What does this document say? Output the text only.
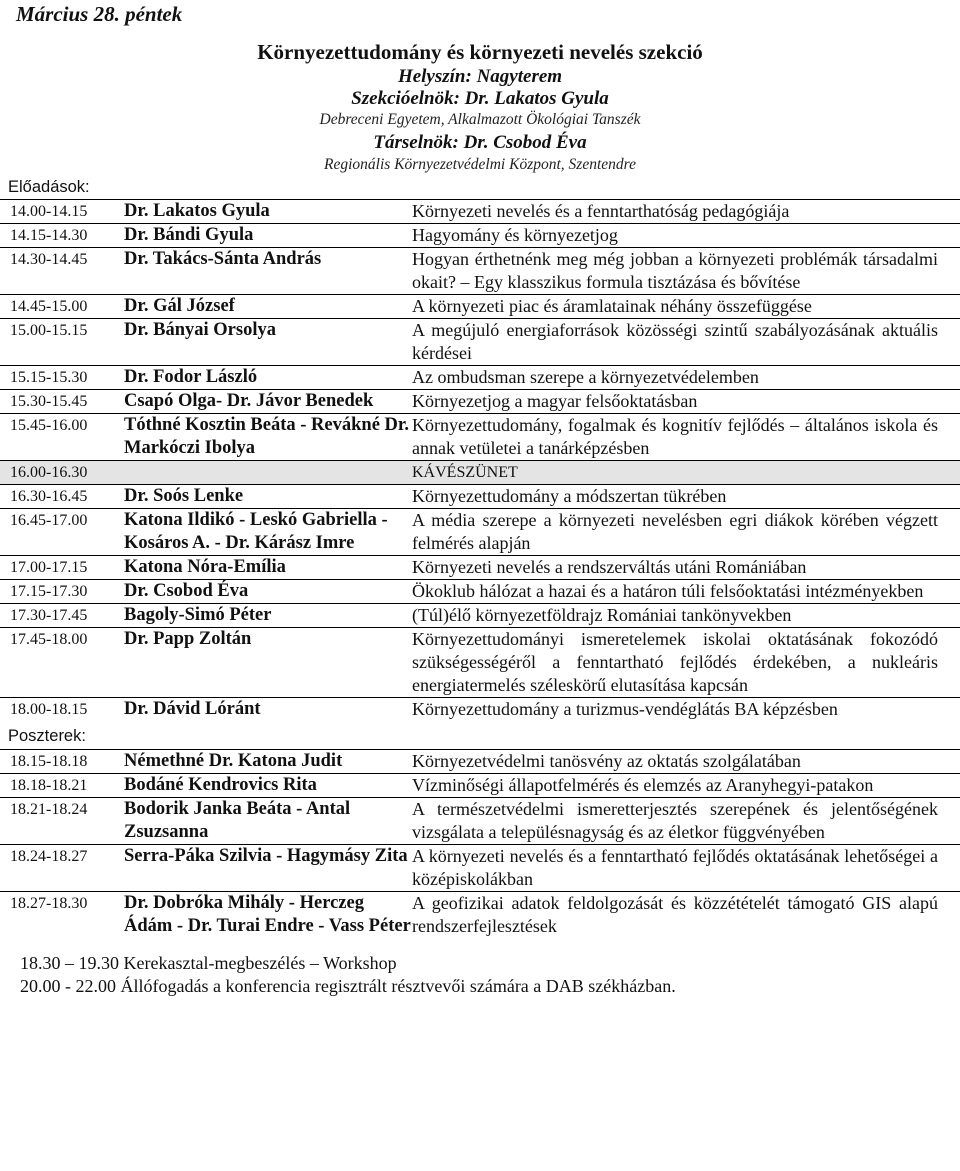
Március 28. péntek
Környezettudomány és környezeti nevelés szekció
Helyszín: Nagyterem
Szekcióelnök: Dr. Lakatos Gyula
Debreceni Egyetem, Alkalmazott Ökológiai Tanszék
Társelnök: Dr. Csobod Éva
Regionális Környezetvédelmi Központ, Szentendre
Előadások:
14.00-14.15	Dr. Lakatos Gyula	Környezeti nevelés és a fenntarthatóság pedagógiája
14.15-14.30	Dr. Bándi Gyula	Hagyomány és környezetjog
14.30-14.45	Dr. Takács-Sánta András	Hogyan érthetnénk meg még jobban a környezeti problémák társadalmi okait? – Egy klasszikus formula tisztázása és bővítése
14.45-15.00	Dr. Gál József	A környezeti piac és áramlatainak néhány összefüggése
15.00-15.15	Dr. Bányai Orsolya	A megújuló energiaforrások közösségi szintű szabályozásának aktuális kérdései
15.15-15.30	Dr. Fodor László	Az ombudsman szerepe a környezetvédelemben
15.30-15.45	Csapó Olga- Dr. Jávor Benedek	Környezetjog a magyar felsőoktatásban
15.45-16.00	Tóthné Kosztin Beáta - Revákné Dr. Markóczi Ibolya	Környezettudomány, fogalmak és kognitív fejlődés – általános iskola és annak vetületei a tanárképzésben
16.00-16.30		KÁVÉSZÜNET
16.30-16.45	Dr. Soós Lenke	Környezettudomány a módszertan tükrében
16.45-17.00	Katona Ildikó - Leskó Gabriella - Kosáros A. - Dr. Kárász Imre	A média szerepe a környezeti nevelésben egri diákok körében végzett felmérés alapján
17.00-17.15	Katona Nóra-Emília	Környezeti nevelés a rendszerváltás utáni Romániában
17.15-17.30	Dr. Csobod Éva	Ökoklub hálózat a hazai és a határon túli felsőoktatási intézményekben
17.30-17.45	Bagoly-Simó Péter	(Túl)élő környezetföldrajz Romániai tankönyvekben
17.45-18.00	Dr. Papp Zoltán	Környezettudományi ismeretelemek iskolai oktatásának fokozódó szükségességéről a fenntartható fejlődés érdekében, a nukleáris energiatermelés széleskörű elutasítása kapcsán
18.00-18.15	Dr. Dávid Lóránt	Környezettudomány a turizmus-vendéglátás BA képzésben
Poszterek:
18.15-18.18	Némethné Dr. Katona Judit	Környezetvédelmi tanösvény az oktatás szolgálatában
18.18-18.21	Bodáné Kendrovics Rita	Vízminőségi állapotfelmérés és elemzés az Aranyhegyi-patakon
18.21-18.24	Bodorik Janka Beáta - Antal Zsuzsanna	A természetvédelmi ismeretterjesztés szerepének és jelentőségének vizsgálata a településnagyság és az életkor függvényében
18.24-18.27	Serra-Páka Szilvia - Hagymásy Zita	A környezeti nevelés és a fenntartható fejlődés oktatásának lehetőségei a középiskolákban
18.27-18.30	Dr. Dobróka Mihály - Herczeg Ádám - Dr. Turai Endre - Vass Péter	A geofizikai adatok feldolgozását és közzétételét támogató GIS alapú rendszerfejlesztések
18.30 – 19.30 Kerekasztal-megbeszélés – Workshop
20.00 - 22.00 Állófogadás a konferencia regisztrált résztvevői számára a DAB székházban.
